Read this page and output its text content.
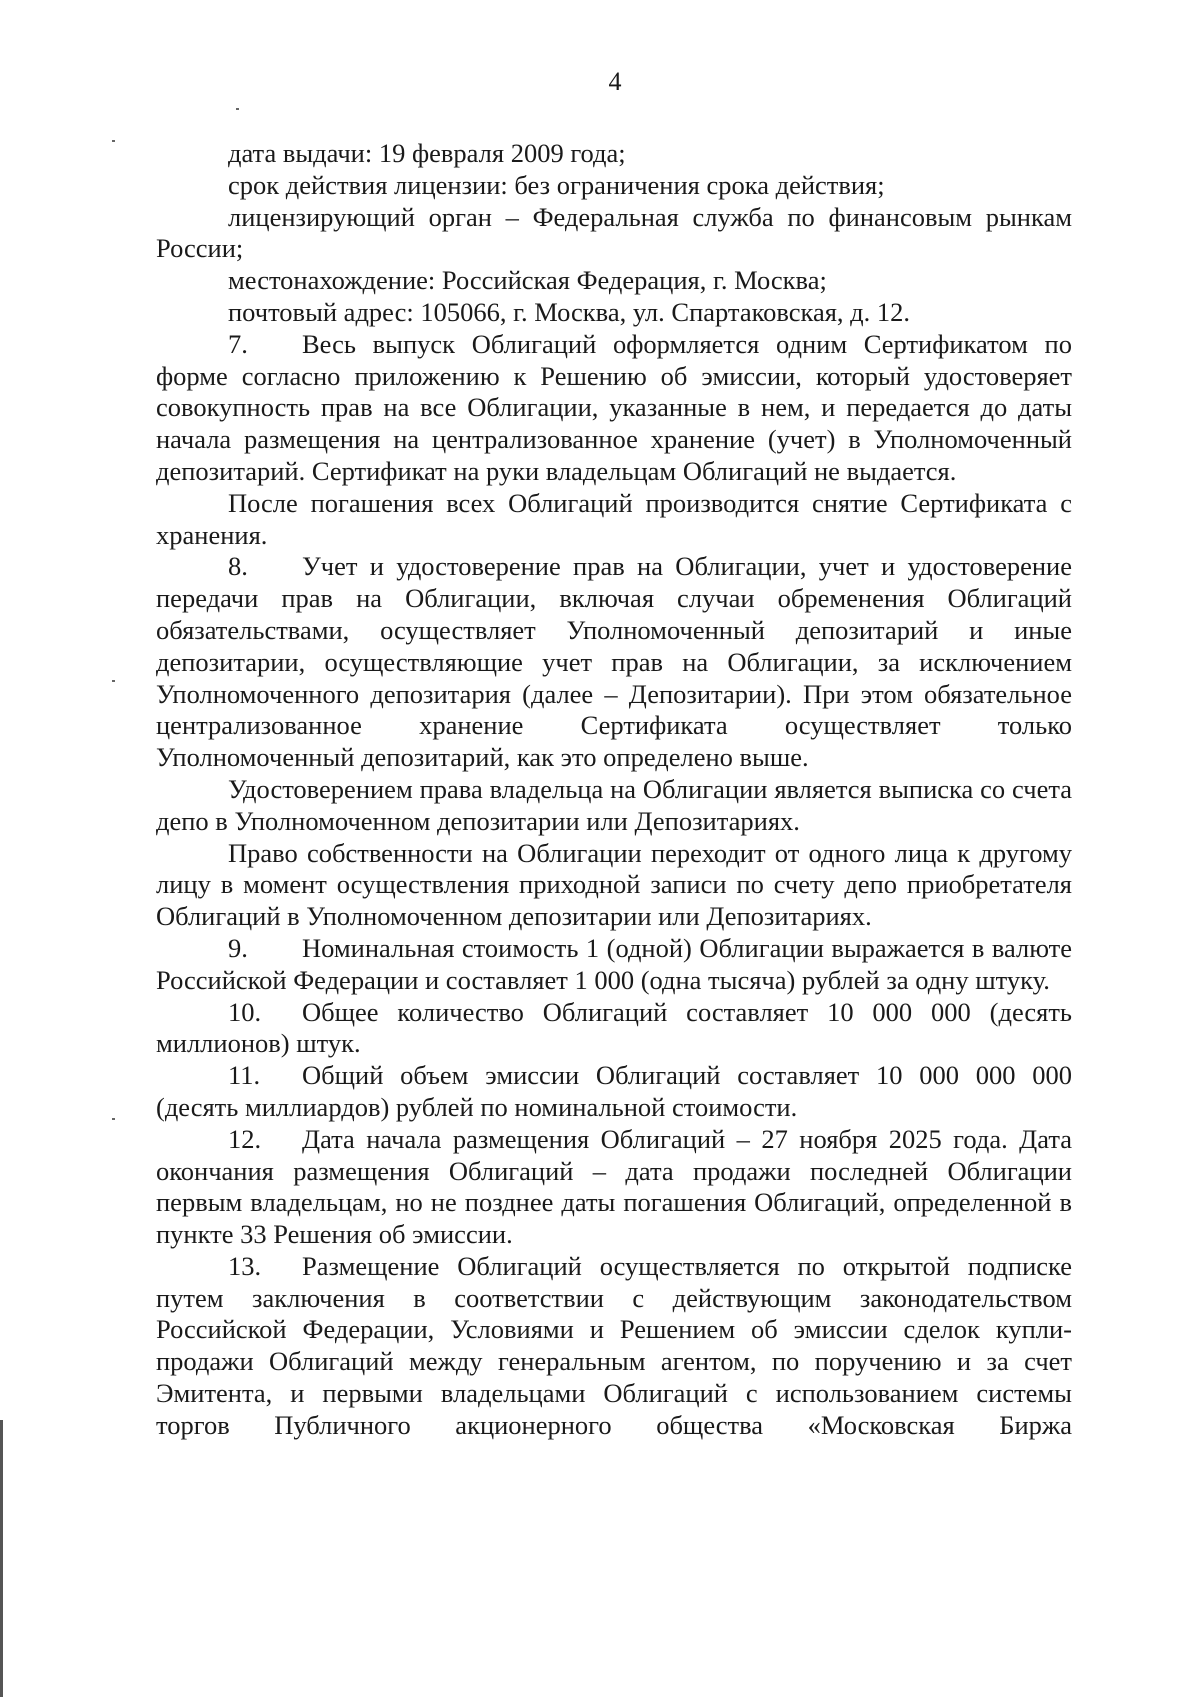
4

дата выдачи: 19 февраля 2009 года;

срок действия лицензии: без ограничения срока действия;

лицензирующий орган – Федеральная служба по финансовым рынкам России;

местонахождение: Российская Федерация, г. Москва;

почтовый адрес: 105066, г. Москва, ул. Спартаковская, д. 12.

7. Весь выпуск Облигаций оформляется одним Сертификатом по форме согласно приложению к Решению об эмиссии, который удостоверяет совокупность прав на все Облигации, указанные в нем, и передается до даты начала размещения на централизованное хранение (учет) в Уполномоченный депозитарий. Сертификат на руки владельцам Облигаций не выдается.

После погашения всех Облигаций производится снятие Сертификата с хранения.

8. Учет и удостоверение прав на Облигации, учет и удостоверение передачи прав на Облигации, включая случаи обременения Облигаций обязательствами, осуществляет Уполномоченный депозитарий и иные депозитарии, осуществляющие учет прав на Облигации, за исключением Уполномоченного депозитария (далее – Депозитарии). При этом обязательное централизованное хранение Сертификата осуществляет только Уполномоченный депозитарий, как это определено выше.

Удостоверением права владельца на Облигации является выписка со счета депо в Уполномоченном депозитарии или Депозитариях.

Право собственности на Облигации переходит от одного лица к другому лицу в момент осуществления приходной записи по счету депо приобретателя Облигаций в Уполномоченном депозитарии или Депозитариях.

9. Номинальная стоимость 1 (одной) Облигации выражается в валюте Российской Федерации и составляет 1 000 (одна тысяча) рублей за одну штуку.

10. Общее количество Облигаций составляет 10 000 000 (десять миллионов) штук.

11. Общий объем эмиссии Облигаций составляет 10 000 000 000 (десять миллиардов) рублей по номинальной стоимости.

12. Дата начала размещения Облигаций – 27 ноября 2025 года. Дата окончания размещения Облигаций – дата продажи последней Облигации первым владельцам, но не позднее даты погашения Облигаций, определенной в пункте 33 Решения об эмиссии.

13. Размещение Облигаций осуществляется по открытой подписке путем заключения в соответствии с действующим законодательством Российской Федерации, Условиями и Решением об эмиссии сделок купли-продажи Облигаций между генеральным агентом, по поручению и за счет Эмитента, и первыми владельцами Облигаций с использованием системы торгов Публичного акционерного общества «Московская Биржа
